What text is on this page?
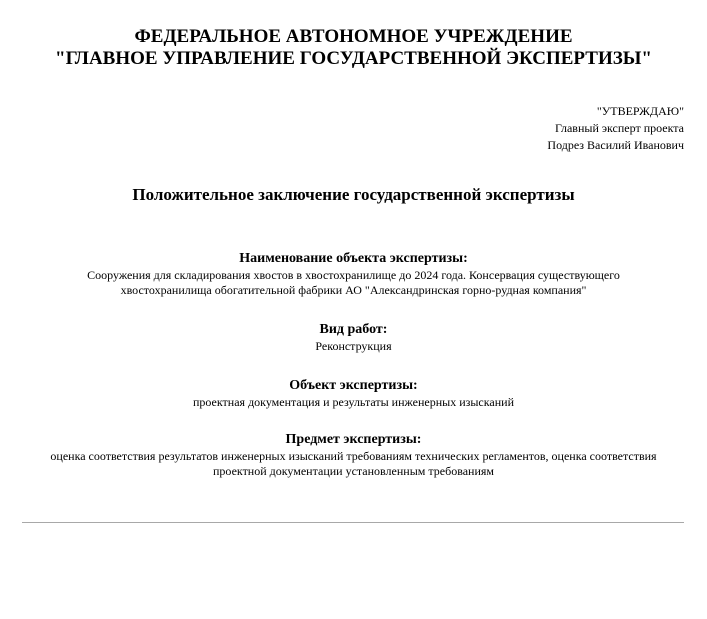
ФЕДЕРАЛЬНОЕ АВТОНОМНОЕ УЧРЕЖДЕНИЕ
"ГЛАВНОЕ УПРАВЛЕНИЕ ГОСУДАРСТВЕННОЙ ЭКСПЕРТИЗЫ"
"УТВЕРЖДАЮ"
Главный эксперт проекта
Подрез Василий Иванович
Положительное заключение государственной экспертизы
Наименование объекта экспертизы:
Сооружения для складирования хвостов в хвостохранилище до 2024 года. Консервация существующего
хвостохранилища обогатительной фабрики АО "Александринская горно-рудная компания"
Вид работ:
Реконструкция
Объект экспертизы:
проектная документация и результаты инженерных изысканий
Предмет экспертизы:
оценка соответствия результатов инженерных изысканий требованиям технических регламентов, оценка соответствия
проектной документации установленным требованиям
